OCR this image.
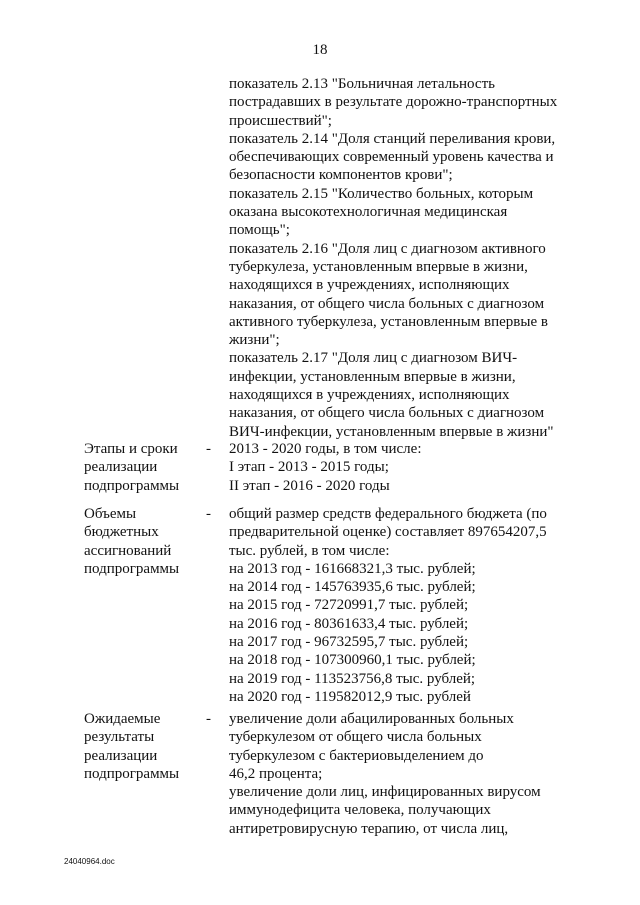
18
показатель 2.13 "Больничная летальность
пострадавших в результате дорожно-транспортных
происшествий";
показатель 2.14 "Доля станций переливания крови,
обеспечивающих современный уровень качества и
безопасности компонентов крови";
показатель 2.15 "Количество больных, которым
оказана высокотехнологичная медицинская
помощь";
показатель 2.16 "Доля лиц с диагнозом активного
туберкулеза, установленным впервые в жизни,
находящихся в учреждениях, исполняющих
наказания, от общего числа больных с диагнозом
активного туберкулеза, установленным впервые в
жизни";
показатель 2.17 "Доля лиц с диагнозом ВИЧ-
инфекции, установленным впервые в жизни,
находящихся в учреждениях, исполняющих
наказания, от общего числа больных с диагнозом
ВИЧ-инфекции, установленным впервые в жизни"
Этапы и сроки
реализации
подпрограммы
- 2013 - 2020 годы, в том числе:
I этап - 2013 - 2015 годы;
II этап - 2016 - 2020 годы
Объемы
бюджетных
ассигнований
подпрограммы
- общий размер средств федерального бюджета (по
предварительной оценке) составляет 897654207,5
тыс. рублей, в том числе:
на 2013 год - 161668321,3 тыс. рублей;
на 2014 год - 145763935,6 тыс. рублей;
на 2015 год - 72720991,7 тыс. рублей;
на 2016 год - 80361633,4 тыс. рублей;
на 2017 год - 96732595,7 тыс. рублей;
на 2018 год - 107300960,1 тыс. рублей;
на 2019 год - 113523756,8 тыс. рублей;
на 2020 год - 119582012,9 тыс. рублей
Ожидаемые
результаты
реализации
подпрограммы
- увеличение доли абацилированных больных
туберкулезом от общего числа больных
туберкулезом с бактериовыделением до
46,2 процента;
увеличение доли лиц, инфицированных вирусом
иммунодефицита человека, получающих
антиретровирусную терапию, от числа лиц,
24040964.doc
